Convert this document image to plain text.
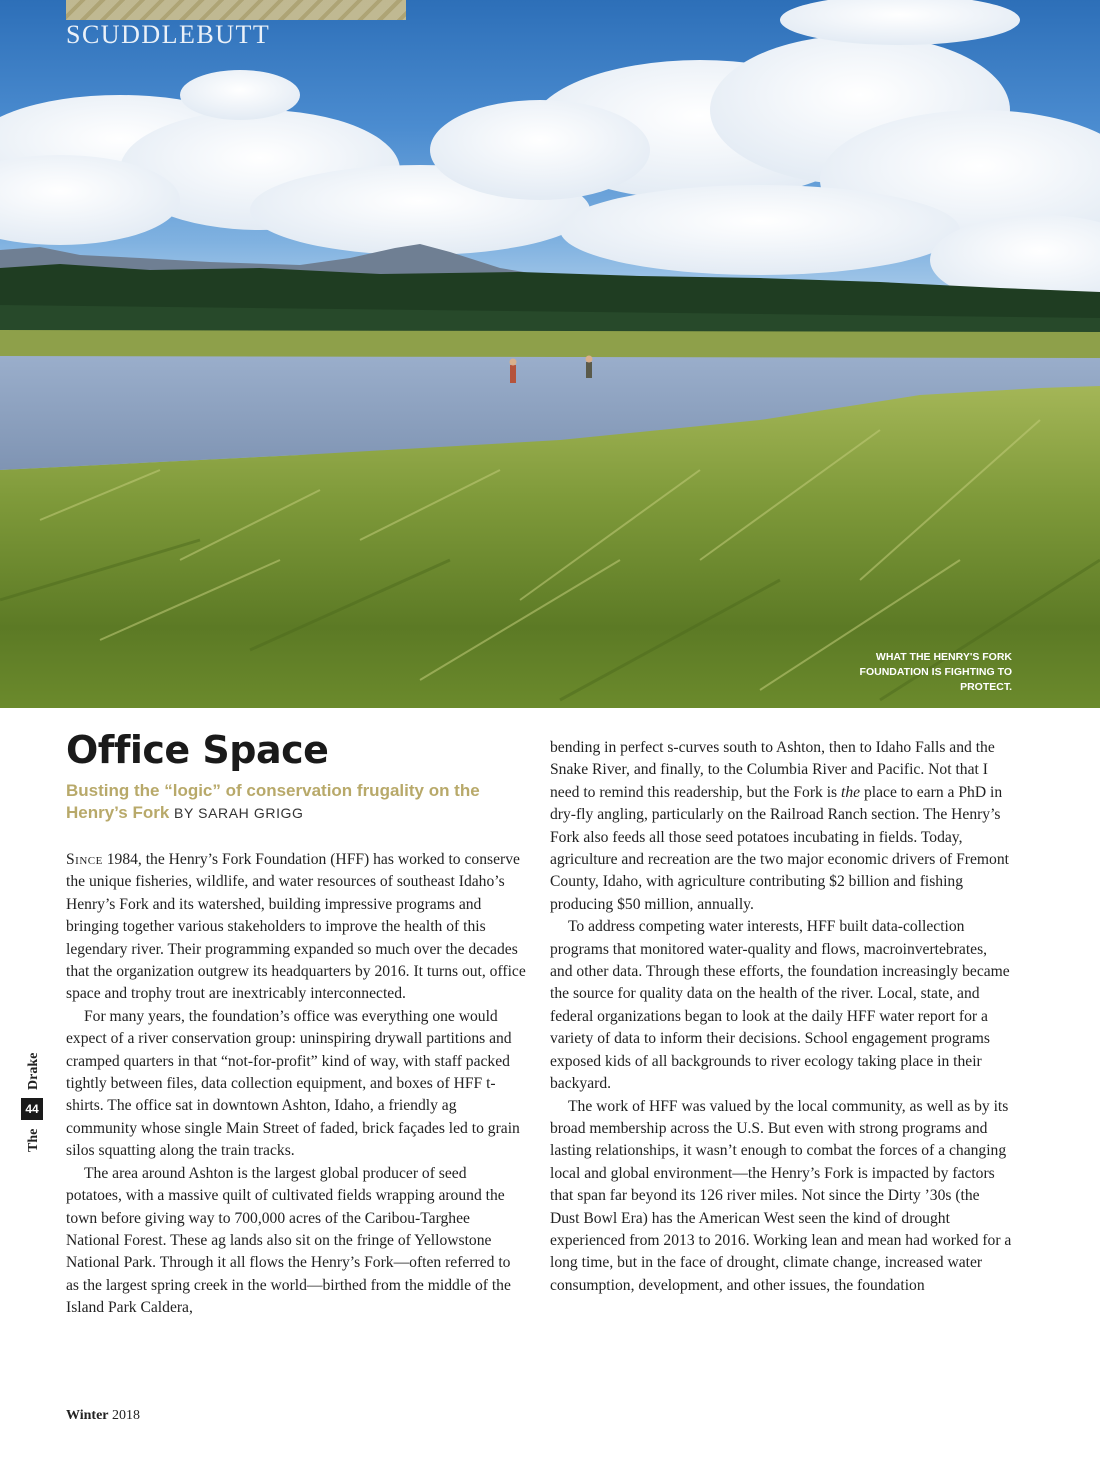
SCUDDLEBUTT
WHAT THE HENRY'S FORK FOUNDATION IS FIGHTING TO PROTECT.
Office Space
Busting the “logic” of conservation frugality on the Henry’s Fork BY SARAH GRIGG

Since 1984, the Henry’s Fork Foundation (HFF) has worked to conserve the unique fisheries, wildlife, and water resources of southeast Idaho’s Henry’s Fork and its watershed, building impressive programs and bringing together various stakeholders to improve the health of this legendary river. Their programming expanded so much over the decades that the organization outgrew its headquarters by 2016. It turns out, office space and trophy trout are inextricably interconnected.

For many years, the foundation’s office was everything one would expect of a river conservation group: uninspiring drywall partitions and cramped quarters in that “not-for-profit” kind of way, with staff packed tightly between files, data collection equipment, and boxes of HFF t-shirts. The office sat in downtown Ashton, Idaho, a friendly ag community whose single Main Street of faded, brick façades led to grain silos squatting along the train tracks.

The area around Ashton is the largest global producer of seed potatoes, with a massive quilt of cultivated fields wrapping around the town before giving way to 700,000 acres of the Caribou-Targhee National Forest. These ag lands also sit on the fringe of Yellowstone National Park. Through it all flows the Henry’s Fork—often referred to as the largest spring creek in the world—birthed from the middle of the Island Park Caldera,

bending in perfect s-curves south to Ashton, then to Idaho Falls and the Snake River, and finally, to the Columbia River and Pacific. Not that I need to remind this readership, but the Fork is the place to earn a PhD in dry-fly angling, particularly on the Railroad Ranch section. The Henry’s Fork also feeds all those seed potatoes incubating in fields. Today, agriculture and recreation are the two major economic drivers of Fremont County, Idaho, with agriculture contributing $2 billion and fishing producing $50 million, annually.

To address competing water interests, HFF built data-collection programs that monitored water-quality and flows, macroinvertebrates, and other data. Through these efforts, the foundation increasingly became the source for quality data on the health of the river. Local, state, and federal organizations began to look at the daily HFF water report for a variety of data to inform their decisions. School engagement programs exposed kids of all backgrounds to river ecology taking place in their backyard.

The work of HFF was valued by the local community, as well as by its broad membership across the U.S. But even with strong programs and lasting relationships, it wasn’t enough to combat the forces of a changing local and global environment—the Henry’s Fork is impacted by factors that span far beyond its 126 river miles. Not since the Dirty ’30s (the Dust Bowl Era) has the American West seen the kind of drought experienced from 2013 to 2016. Working lean and mean had worked for a long time, but in the face of drought, climate change, increased water consumption, development, and other issues, the foundation

Drake
44
The
Winter 2018
